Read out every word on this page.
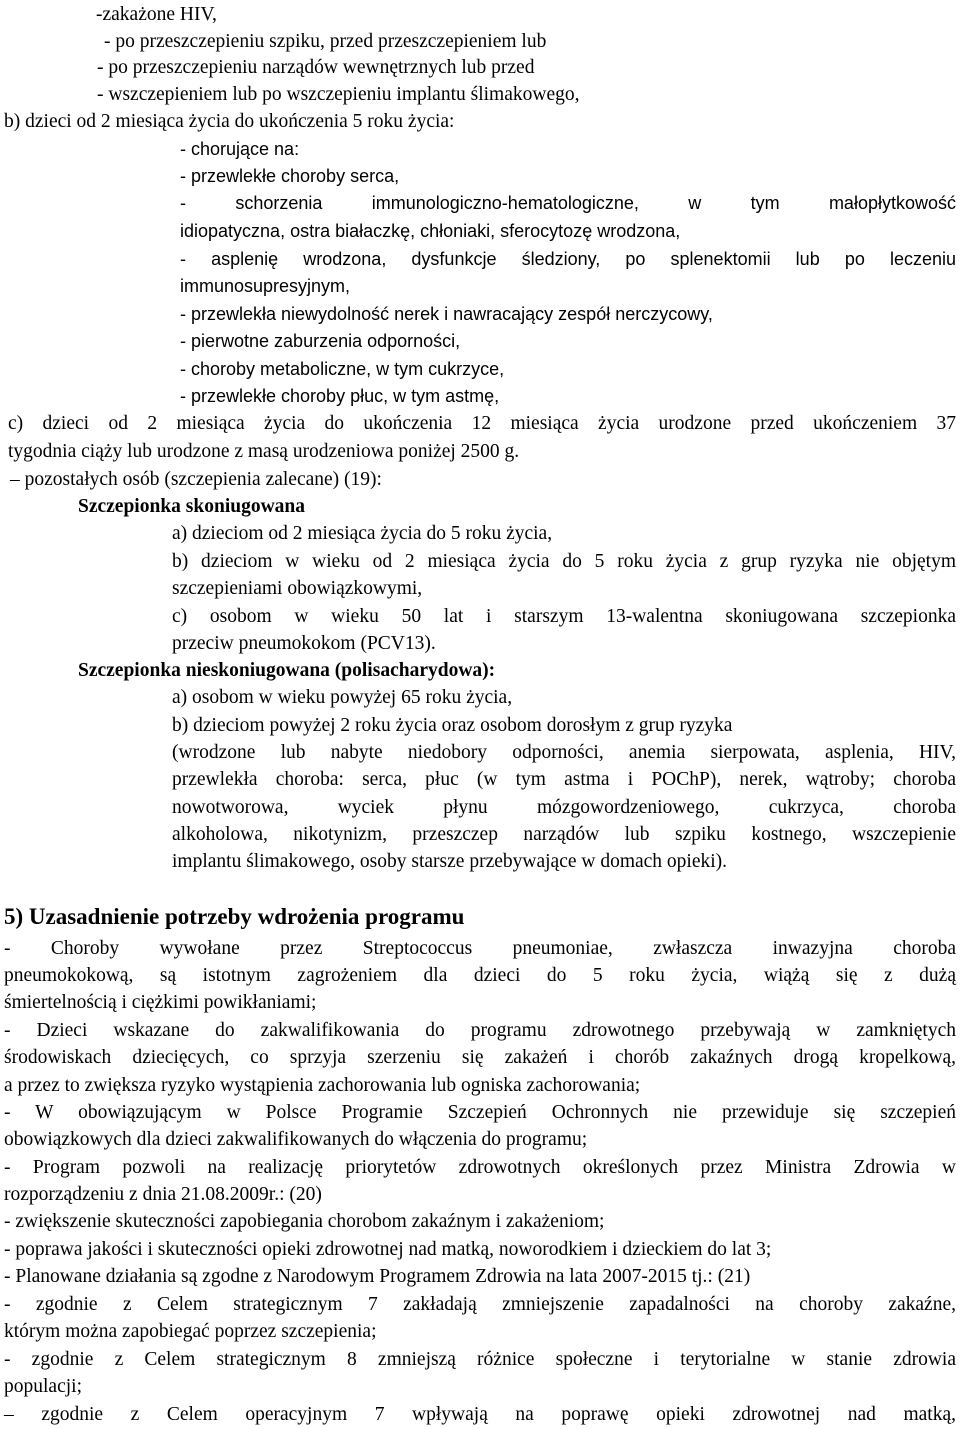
-zakażone HIV,
- po przeszczepieniu szpiku, przed przeszczepieniem lub
- po przeszczepieniu narządów wewnętrznych lub przed
- wszczepieniem lub po wszczepieniu implantu ślimakowego,
b) dzieci od 2 miesiąca życia do ukończenia 5 roku życia:
- chorujące na:
- przewlekłe choroby serca,
- schorzenia immunologiczno-hematologiczne, w tym małopłytkowość
idiopatyczna, ostra białaczkę, chłoniaki, sferocytozę wrodzona,
- asplenię wrodzona, dysfunkcje śledziony, po splenektomii lub po leczeniu
immunosupresyjnym,
- przewlekła niewydolność nerek i nawracający zespół nerczycowy,
- pierwotne zaburzenia odporności,
- choroby metaboliczne, w tym cukrzyce,
- przewlekłe choroby płuc, w tym astmę,
c) dzieci od 2 miesiąca życia do ukończenia 12 miesiąca życia urodzone przed ukończeniem 37
tygodnia ciąży lub urodzone z masą urodzeniowa poniżej 2500 g.
– pozostałych osób (szczepienia zalecane) (19):
Szczepionka skoniugowana
a) dzieciom od 2 miesiąca życia do 5 roku życia,
b) dzieciom w wieku od 2 miesiąca życia do 5 roku życia z grup ryzyka nie objętym
szczepieniami obowiązkowymi,
c) osobom w wieku 50 lat i starszym 13-walentna skoniugowana szczepionka
przeciw pneumokokom (PCV13).
Szczepionka nieskoniugowana (polisacharydowa):
a) osobom w wieku powyżej 65 roku życia,
b) dzieciom powyżej 2 roku życia oraz osobom dorosłym z grup ryzyka
(wrodzone lub nabyte niedobory odporności, anemia sierpowata, asplenia, HIV,
przewlekła choroba: serca, płuc (w tym astma i POChP), nerek, wątroby; choroba
nowotworowa, wyciek płynu mózgowordzeniowego, cukrzyca, choroba
alkoholowa, nikotynizm, przeszczep narządów lub szpiku kostnego, wszczepienie
implantu ślimakowego, osoby starsze przebywające w domach opieki).
5) Uzasadnienie potrzeby wdrożenia programu
- Choroby wywołane przez Streptococcus pneumoniae, zwłaszcza inwazyjna choroba
pneumokokową, są istotnym zagrożeniem dla dzieci do 5 roku życia, wiążą się z dużą
śmiertelnością i ciężkimi powikłaniami;
- Dzieci wskazane do zakwalifikowania do programu zdrowotnego przebywają w zamkniętych
środowiskach dziecięcych, co sprzyja szerzeniu się zakażeń i chorób zakaźnych drogą kropelkową,
a przez to zwiększa ryzyko wystąpienia zachorowania lub ogniska zachorowania;
- W obowiązującym w Polsce Programie Szczepień Ochronnych nie przewiduje się szczepień
obowiązkowych dla dzieci zakwalifikowanych do włączenia do programu;
- Program pozwoli na realizację priorytetów zdrowotnych określonych przez Ministra Zdrowia w
rozporządzeniu z dnia 21.08.2009r.: (20)
- zwiększenie skuteczności zapobiegania chorobom zakaźnym i zakażeniom;
- poprawa jakości i skuteczności opieki zdrowotnej nad matką, noworodkiem i dzieckiem do lat 3;
- Planowane działania są zgodne z Narodowym Programem Zdrowia na lata 2007-2015 tj.: (21)
- zgodnie z Celem strategicznym 7 zakładają zmniejszenie zapadalności na choroby zakaźne,
którym można zapobiegać poprzez szczepienia;
- zgodnie z Celem strategicznym 8 zmniejszą różnice społeczne i terytorialne w stanie zdrowia
populacji;
– zgodnie z Celem operacyjnym 7 wpływają na poprawę opieki zdrowotnej nad matką,
